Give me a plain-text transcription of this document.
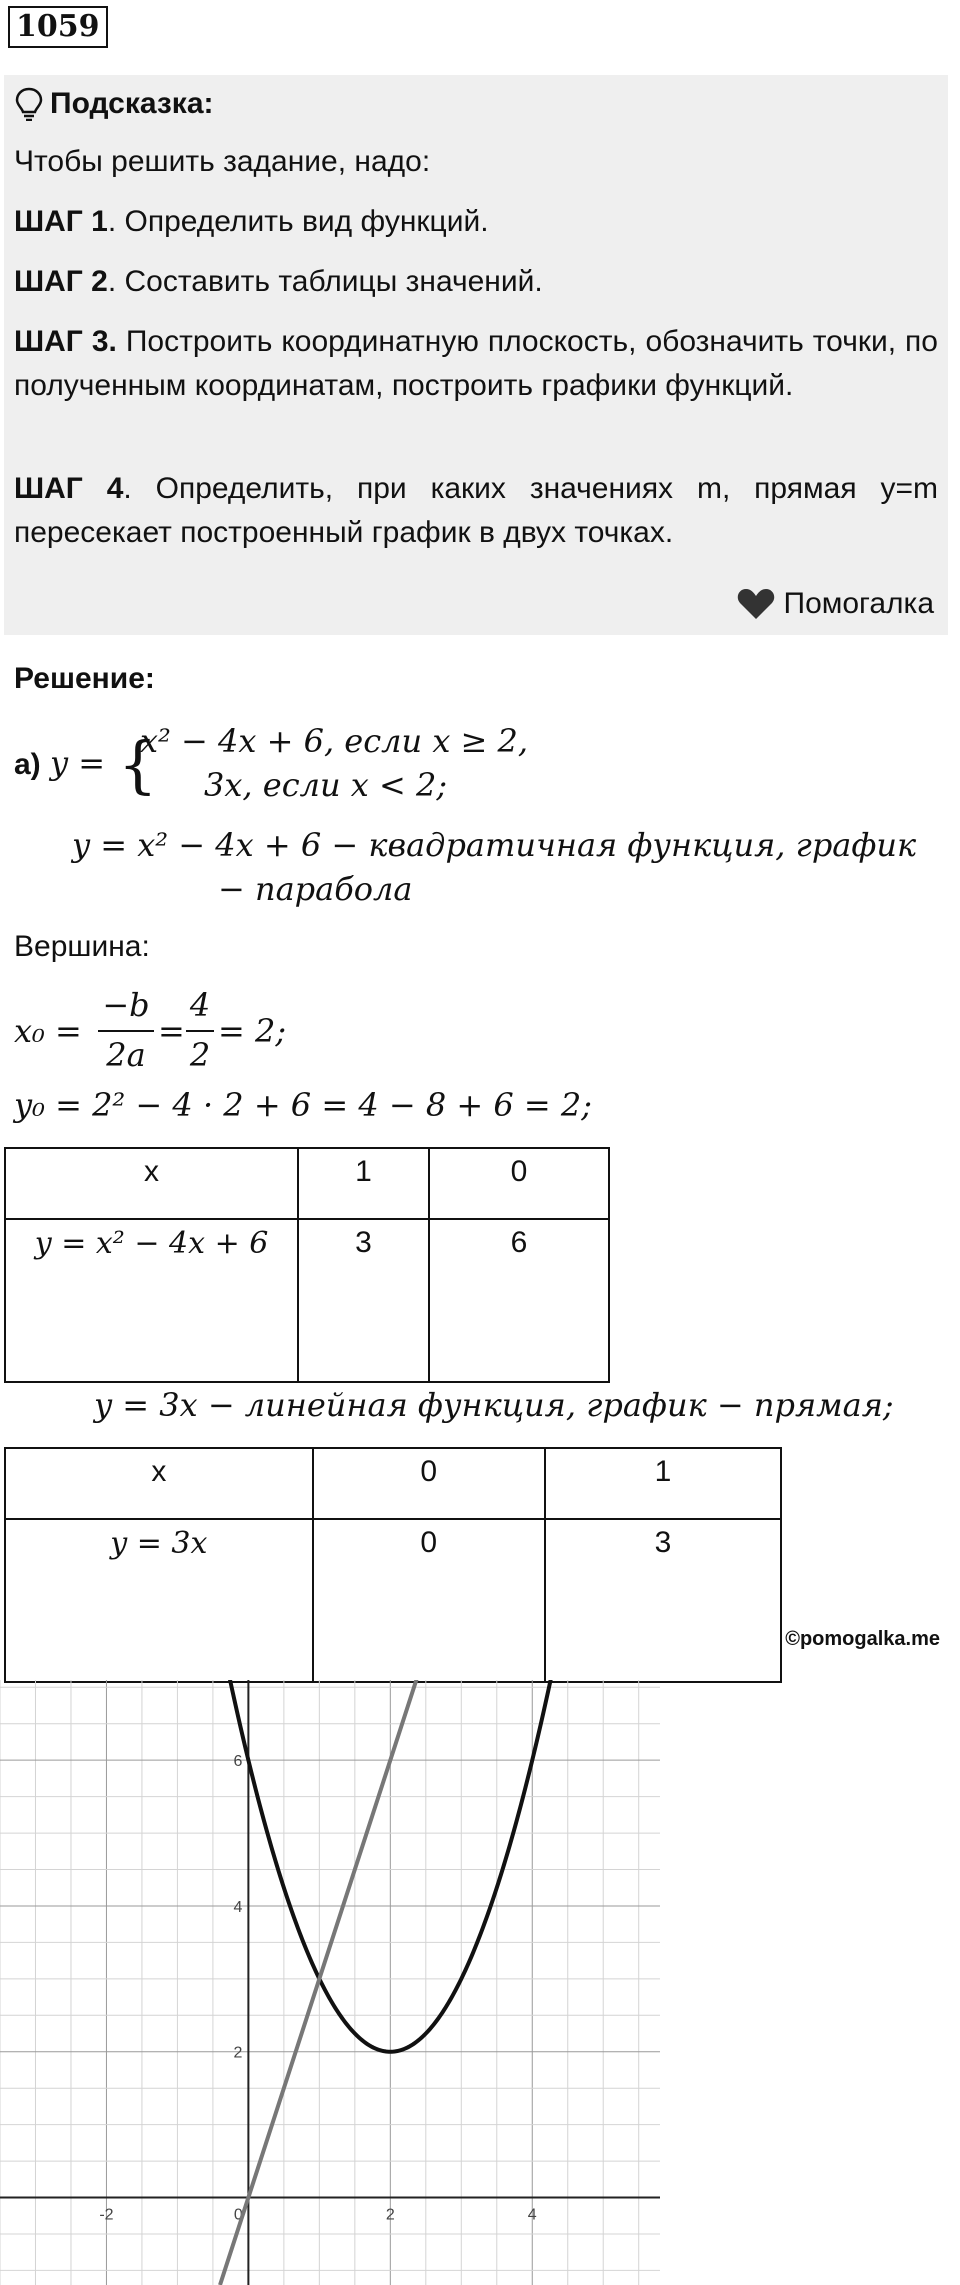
1059
Подсказка:
Чтобы решить задание, надо:
ШАГ 1. Определить вид функций.
ШАГ 2. Составить таблицы значений.
ШАГ 3. Построить координатную плоскость, обозначить точки, по полученным координатам, построить графики функций.
ШАГ 4. Определить, при каких значениях m, прямая y=m пересекает построенный график в двух точках.
Помогалка
Решение:
а) y = {
x² − 4x + 6, если x ≥ 2,
3x, если x < 2;
y = x² − 4x + 6 − квадратичная функция, график
− парабола
Вершина:
x₀ =
−b
2a
=
4
2
= 2;
y₀ = 2² − 4 · 2 + 6 = 4 − 8 + 6 = 2;
x	1	0
y = x² − 4x + 6	3	6
y = 3x − линейная функция, график − прямая;
x	0	1
y = 3x	0	3
©pomogalka.me
-2	0	2	4
2
4
6
